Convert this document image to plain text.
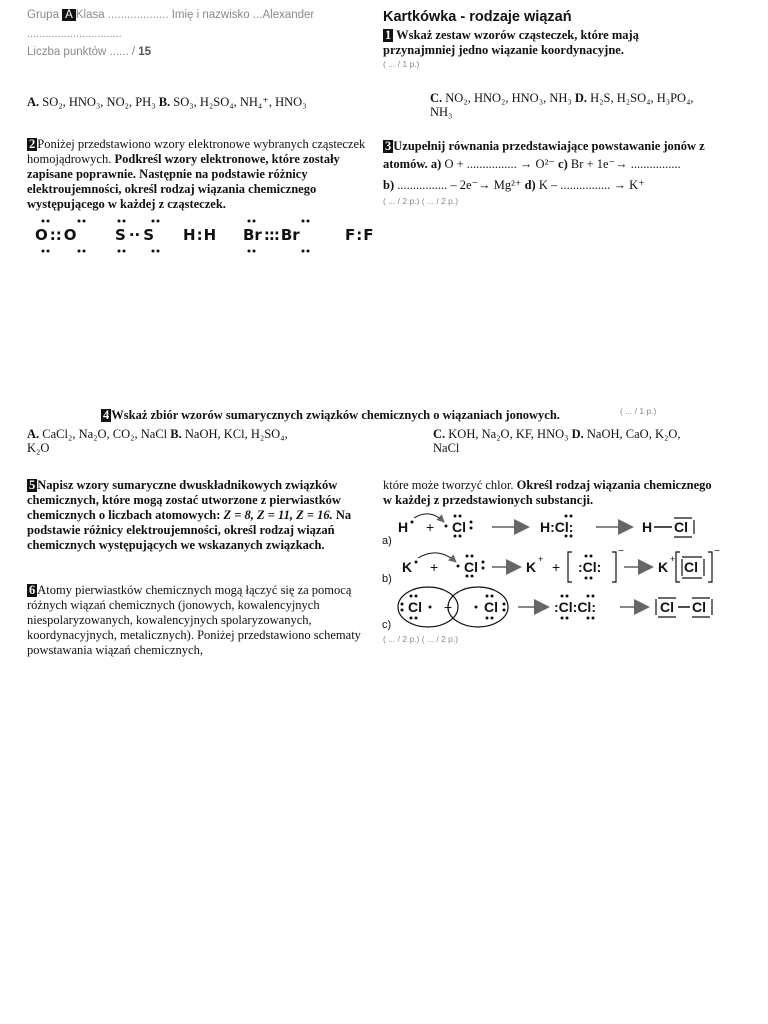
Grupa A Klasa ................... Imię i nazwisko ...Alexander
...............................
Liczba punktów ...... / 15
Kartkówka - rodzaje wiązań
1 Wskaż zestaw wzorów cząsteczek, które mają przynajmniej jedno wiązanie koordynacyjne.
( ... / 1 p.)
A. SO₂, HNO₃, NO₂, PH₃ B. SO₃, H₂SO₄, NH₄⁺, HNO₃	C. NO₂, HNO₂, HNO₃, NH₃ D. H₂S, H₂SO₄, H₃PO₄,
NH₃
2 Poniżej przedstawiono wzory elektronowe wybranych cząsteczek homojądrowych. Podkreśl wzory elektronowe, które zostały zapisane poprawnie. Następnie na podstawie różnicy elektroujemności, określ rodzaj wiązania chemicznego występującego w każdej z cząsteczek.
O :: O	S ·· S H:H Br ::: Br	F:F
3 Uzupełnij równania przedstawiające powstawanie jonów z atomów. a) O + ................ → O²⁻ c) Br + 1e⁻→ ................
b) ................ – 2e⁻→ Mg²⁺ d) K – ................ → K⁺
( ... / 2 p.) ( ... / 2 p.)
4 Wskaż zbiór wzorów sumarycznych związków chemicznych o wiązaniach jonowych.	( ... / 1 p.)
A. CaCl₂, Na₂O, CO₂, NaCl B. NaOH, KCl, H₂SO₄,
K₂O
C. KOH, Na₂O, KF, HNO₃ D. NaOH, CaO, K₂O,
NaCl
5 Napisz wzory sumaryczne dwuskładnikowych związków chemicznych, które mogą zostać utworzone z pierwiastków chemicznych o liczbach atomowych: Z = 8, Z = 11, Z = 16. Na podstawie różnicy elektroujemności, określ rodzaj wiązań chemicznych występujących we wskazanych związkach.
6 Atomy pierwiastków chemicznych mogą łączyć się za pomocą różnych wiązań chemicznych (jonowych, kowalencyjnych niespolaryzowanych, kowalencyjnych spolaryzowanych, koordynacyjnych, metalicznych). Poniżej przedstawiono schematy powstawania wiązań chemicznych,
które może tworzyć chlor. Określ rodzaj wiązania chemicznego w każdej z przedstawionych substancji.
a)
H + Cl	H:Cl:	H Cl
b)
K + Cl	K + + :Cl:
−
K + Cl
−
c)
Cl + Cl	:Cl:Cl:	Cl Cl
( ... / 2 p.) ( ... / 2 p.)
